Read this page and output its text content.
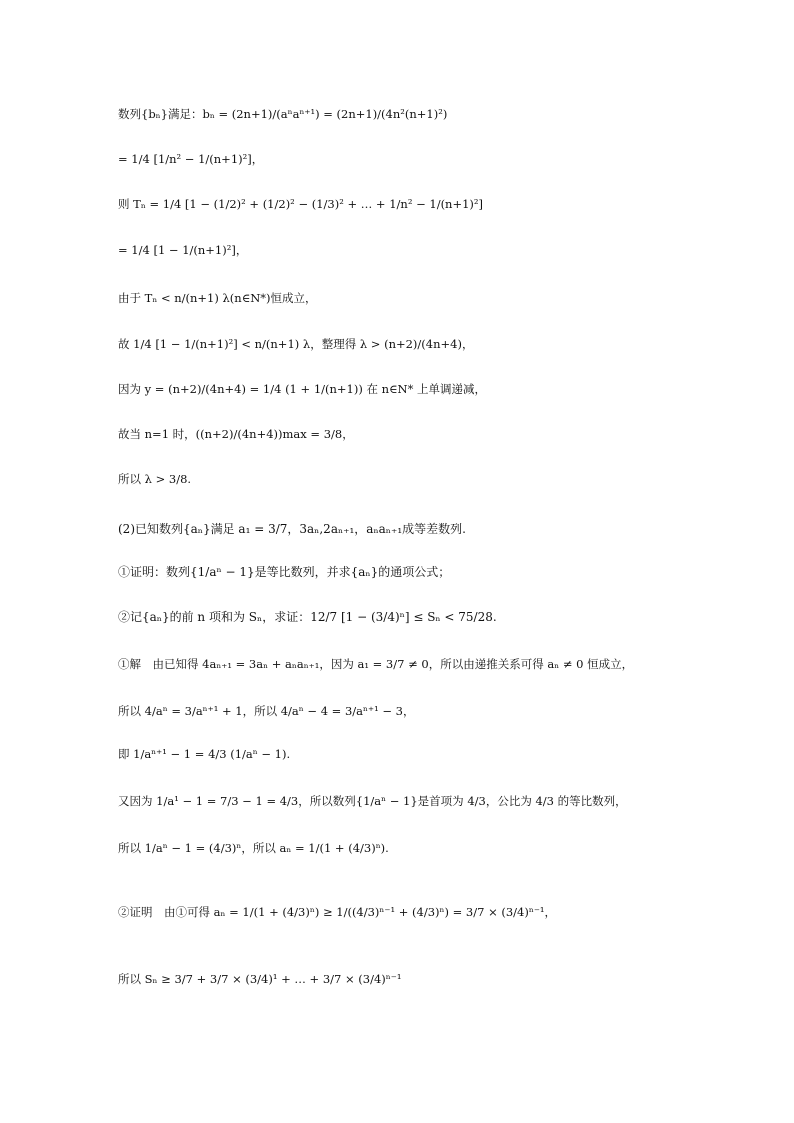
数列{bₙ}满足：bₙ = (2n+1)/(aⁿaⁿ⁺¹) = (2n+1)/(4n²(n+1)²)
= 1/4 [1/n² − 1/(n+1)²]，
则 Tₙ = 1/4 [1 − (1/2)² + (1/2)² − (1/3)² + … + 1/n² − 1/(n+1)²]
= 1/4 [1 − 1/(n+1)²]，
由于 Tₙ < n/(n+1) λ(n∈N*)恒成立，
故 1/4 [1 − 1/(n+1)²] < n/(n+1) λ，整理得 λ > (n+2)/(4n+4)，
因为 y = (n+2)/(4n+4) = 1/4 (1 + 1/(n+1)) 在 n∈N* 上单调递减，
故当 n=1 时，((n+2)/(4n+4))max = 3/8，
所以 λ > 3/8.
(2)已知数列{aₙ}满足 a₁ = 3/7，3aₙ,2aₙ₊₁，aₙaₙ₊₁成等差数列.
①证明：数列{1/aⁿ − 1}是等比数列，并求{aₙ}的通项公式；
②记{aₙ}的前 n 项和为 Sₙ，求证：12/7 [1 − (3/4)ⁿ] ≤ Sₙ < 75/28.
①解　由已知得 4aₙ₊₁ = 3aₙ + aₙaₙ₊₁，因为 a₁ = 3/7 ≠ 0，所以由递推关系可得 aₙ ≠ 0 恒成立，
所以 4/aⁿ = 3/aⁿ⁺¹ + 1，所以 4/aⁿ − 4 = 3/aⁿ⁺¹ − 3，
即 1/aⁿ⁺¹ − 1 = 4/3 (1/aⁿ − 1).
又因为 1/a¹ − 1 = 7/3 − 1 = 4/3，所以数列{1/aⁿ − 1}是首项为 4/3，公比为 4/3 的等比数列，
所以 1/aⁿ − 1 = (4/3)ⁿ，所以 aₙ = 1/(1 + (4/3)ⁿ).
②证明　由①可得 aₙ = 1/(1 + (4/3)ⁿ) ≥ 1/((4/3)ⁿ⁻¹ + (4/3)ⁿ) = 3/7 × (3/4)ⁿ⁻¹，
所以 Sₙ ≥ 3/7 + 3/7 × (3/4)¹ + … + 3/7 × (3/4)ⁿ⁻¹
